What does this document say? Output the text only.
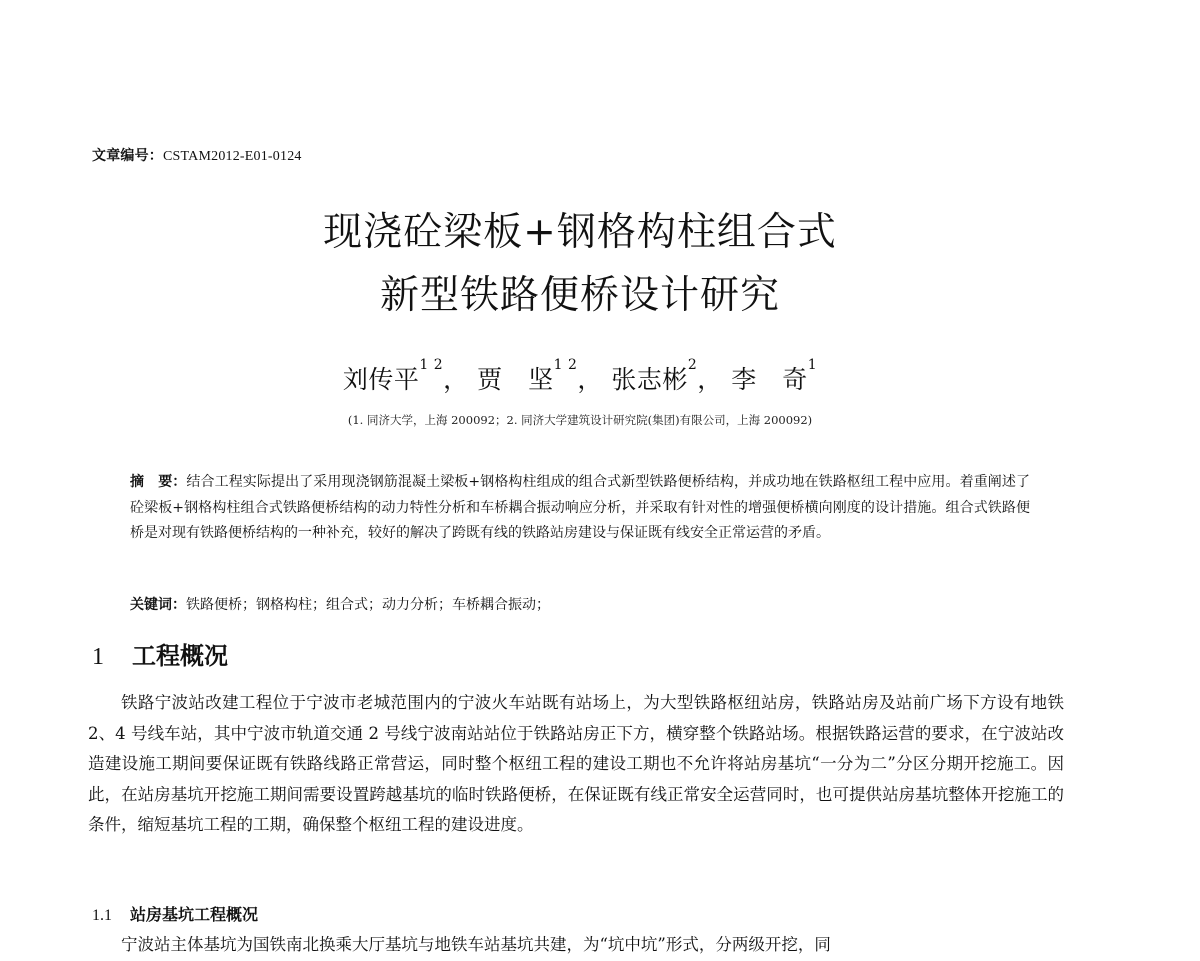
文章编号：CSTAM2012-E01-0124
现浇砼梁板+钢格构柱组合式
新型铁路便桥设计研究
刘传平$^{1 2}$， 贾　坚$^{1 2}$， 张志彬$^2$， 李　奇$^1$
(1. 同济大学，上海 200092；2. 同济大学建筑设计研究院(集团)有限公司，上海 200092)
摘　要：结合工程实际提出了采用现浇钢筋混凝土梁板+钢格构柱组成的组合式新型铁路便桥结构，并成功地在铁路枢纽工程中应用。着重阐述了砼梁板+钢格构柱组合式铁路便桥结构的动力特性分析和车桥耦合振动响应分析，并采取有针对性的增强便桥横向刚度的设计措施。组合式铁路便桥是对现有铁路便桥结构的一种补充，较好的解决了跨既有线的铁路站房建设与保证既有线安全正常运营的矛盾。
关键词：铁路便桥；钢格构柱；组合式；动力分析；车桥耦合振动；
1 工程概况
铁路宁波站改建工程位于宁波市老城范围内的宁波火车站既有站场上，为大型铁路枢纽站房，铁路站房及站前广场下方设有地铁 2、4 号线车站，其中宁波市轨道交通 2 号线宁波南站站位于铁路站房正下方，横穿整个铁路站场。根据铁路运营的要求，在宁波站改造建设施工期间要保证既有铁路线路正常营运，同时整个枢纽工程的建设工期也不允许将站房基坑“一分为二”分区分期开挖施工。因此，在站房基坑开挖施工期间需要设置跨越基坑的临时铁路便桥，在保证既有线正常安全运营同时，也可提供站房基坑整体开挖施工的条件，缩短基坑工程的工期，确保整个枢纽工程的建设进度。
1.1 站房基坑工程概况
宁波站主体基坑为国铁南北换乘大厅基坑与地铁车站基坑共建，为“坑中坑”形式，分两级开挖，同
